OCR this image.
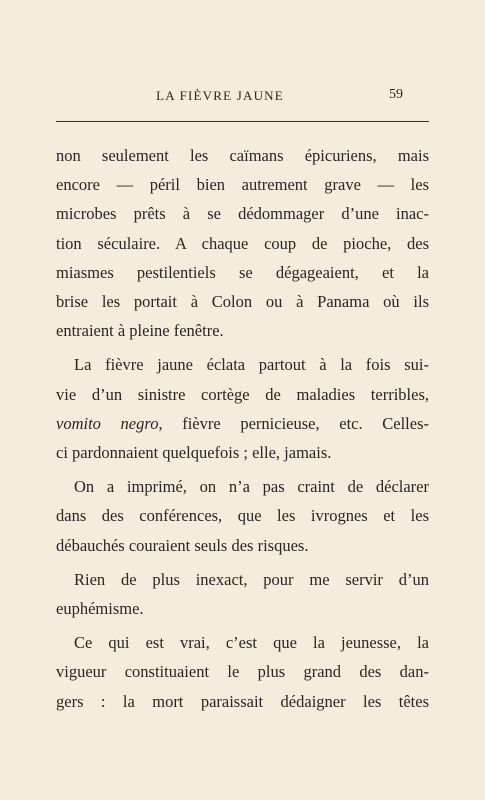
LA FIÈVRE JAUNE	59
non seulement les caïmans épicuriens, mais
encore — péril bien autrement grave — les
microbes prêts à se dédommager d’une inac-
tion séculaire. A chaque coup de pioche, des
miasmes pestilentiels se dégageaient, et la
brise les portait à Colon ou à Panama où ils
entraient à pleine fenêtre.
La fièvre jaune éclata partout à la fois sui-
vie d’un sinistre cortège de maladies terribles,
vomito negro, fièvre pernicieuse, etc. Celles-
ci pardonnaient quelquefois ; elle, jamais.
On a imprimé, on n’a pas craint de déclarer
dans des conférences, que les ivrognes et les
débauchés couraient seuls des risques.
Rien de plus inexact, pour me servir d’un
euphémisme.
Ce qui est vrai, c’est que la jeunesse, la
vigueur constituaient le plus grand des dan-
gers : la mort paraissait dédaigner les têtes
